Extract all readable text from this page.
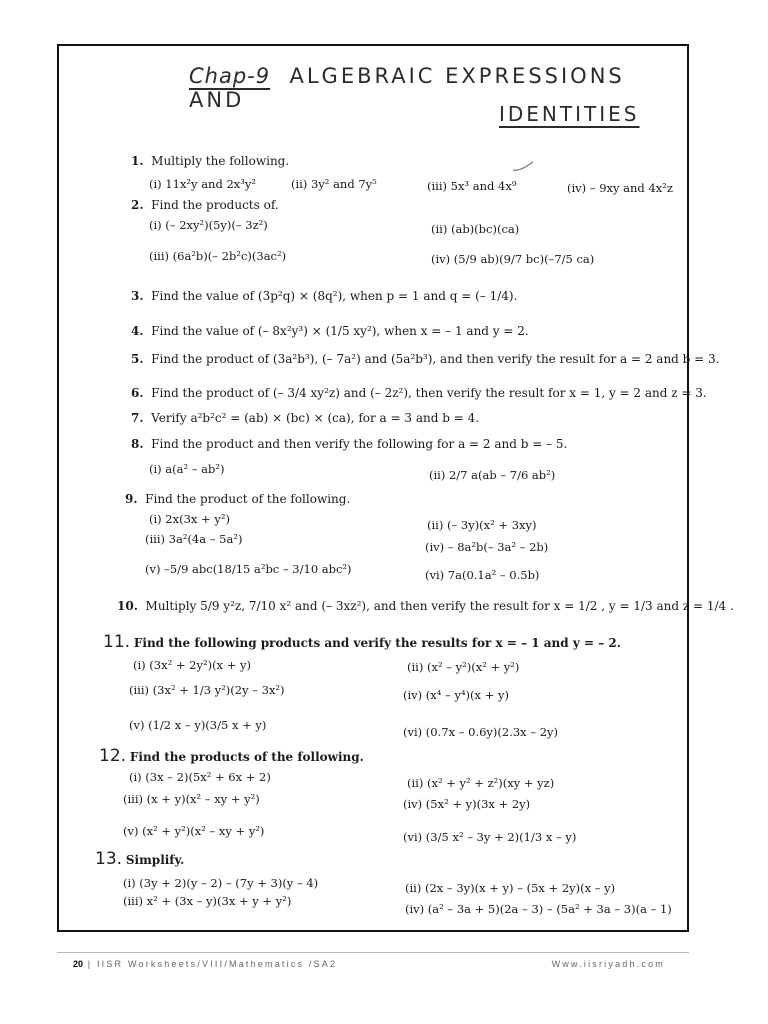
Chap-9 ALGEBRAIC EXPRESSIONS AND
IDENTITIES
1. Multiply the following.
(i) 11x²y and 2x³y²	(ii) 3y² and 7y⁵	(iii) 5x³ and 4x⁹	(iv) – 9xy and 4x²z
2. Find the products of.
(i) (– 2xy²)(5y)(– 3z²)	(ii) (ab)(bc)(ca)
(iii) (6a²b)(– 2b²c)(3ac²)	(iv) (5/9 ab)(9/7 bc)(–7/5 ca)
3. Find the value of (3p²q) × (8q²), when p = 1 and q = (– 1/4).
4. Find the value of (– 8x²y³) × (1/5 xy²), when x = – 1 and y = 2.
5. Find the product of (3a²b³), (– 7a²) and (5a²b³), and then verify the result for a = 2 and b = 3.
6. Find the product of (– 3/4 xy²z) and (– 2z²), then verify the result for x = 1, y = 2 and z = 3.
7. Verify a²b²c² = (ab) × (bc) × (ca), for a = 3 and b = 4.
8. Find the product and then verify the following for a = 2 and b = – 5.
(i) a(a² – ab²)	(ii) 2/7 a(ab – 7/6 ab²)
9. Find the product of the following.
(i) 2x(3x + y²)	(ii) (– 3y)(x² + 3xy)
(iii) 3a²(4a – 5a²)
(iv) – 8a²b(– 3a² – 2b)
(v) –5/9 abc(18/15 a²bc – 3/10 abc²)	(vi) 7a(0.1a² – 0.5b)
10. Multiply 5/9 y²z, 7/10 x² and (– 3xz²), and then verify the result for x = 1/2 , y = 1/3 and z = 1/4 .
11. Find the following products and verify the results for x = – 1 and y = – 2.
(i) (3x² + 2y²)(x + y)	(ii) (x² – y²)(x² + y²)
(iii) (3x² + 1/3 y²)(2y – 3x²)	(iv) (x⁴ – y⁴)(x + y)
(v) (1/2 x – y)(3/5 x + y)	(vi) (0.7x – 0.6y)(2.3x – 2y)
12. Find the products of the following.
(i) (3x – 2)(5x² + 6x + 2)	(ii) (x² + y² + z²)(xy + yz)
(iii) (x + y)(x² – xy + y²)	(iv) (5x² + y)(3x + 2y)
(v) (x² + y²)(x² – xy + y²)	(vi) (3/5 x² – 3y + 2)(1/3 x – y)
13. Simplify.
(i) (3y + 2)(y – 2) – (7y + 3)(y – 4)	(ii) (2x – 3y)(x + y) – (5x + 2y)(x – y)
(iii) x² + (3x – y)(3x + y + y²)
(iv) (a² – 3a + 5)(2a – 3) – (5a² + 3a – 3)(a – 1)
20 | IISR Worksheets/VIII/Mathematics /SA2	Www.iisriyadh.com
